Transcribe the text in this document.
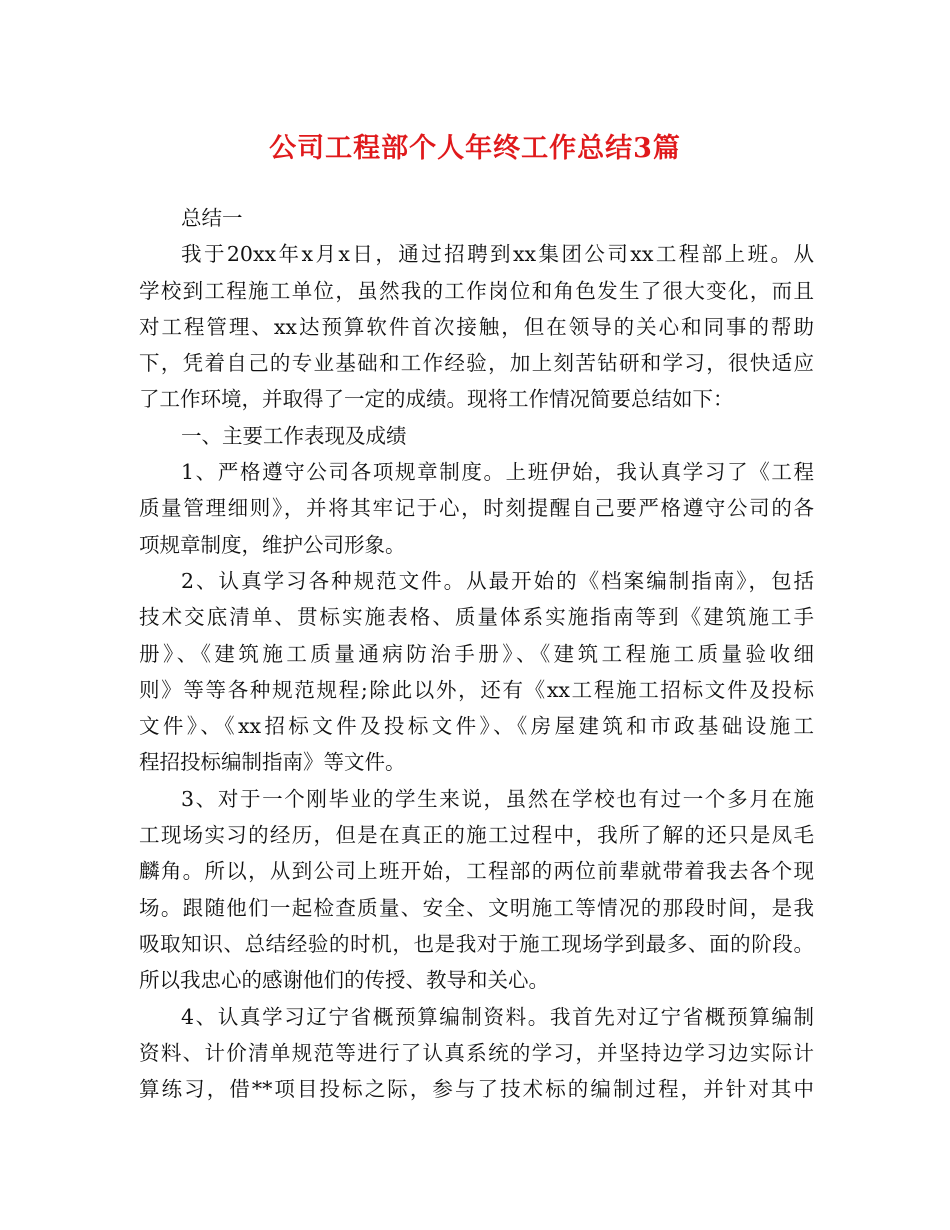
公司工程部个人年终工作总结3篇
总结一
我于20xx年x月x日，通过招聘到xx集团公司xx工程部上班。从
学校到工程施工单位，虽然我的工作岗位和角色发生了很大变化，而且
对工程管理、xx达预算软件首次接触，但在领导的关心和同事的帮助
下，凭着自己的专业基础和工作经验，加上刻苦钻研和学习，很快适应
了工作环境，并取得了一定的成绩。现将工作情况简要总结如下：
一、主要工作表现及成绩
1、严格遵守公司各项规章制度。上班伊始，我认真学习了《工程
质量管理细则》，并将其牢记于心，时刻提醒自己要严格遵守公司的各
项规章制度，维护公司形象。
2、认真学习各种规范文件。从最开始的《档案编制指南》，包括
技术交底清单、贯标实施表格、质量体系实施指南等到《建筑施工手
册》、《建筑施工质量通病防治手册》、《建筑工程施工质量验收细
则》等等各种规范规程;除此以外，还有《xx工程施工招标文件及投标
文件》、《xx招标文件及投标文件》、《房屋建筑和市政基础设施工
程招投标编制指南》等文件。
3、对于一个刚毕业的学生来说，虽然在学校也有过一个多月在施
工现场实习的经历，但是在真正的施工过程中，我所了解的还只是凤毛
麟角。所以，从到公司上班开始，工程部的两位前辈就带着我去各个现
场。跟随他们一起检查质量、安全、文明施工等情况的那段时间，是我
吸取知识、总结经验的时机，也是我对于施工现场学到最多、面的阶段。
所以我忠心的感谢他们的传授、教导和关心。
4、认真学习辽宁省概预算编制资料。我首先对辽宁省概预算编制
资料、计价清单规范等进行了认真系统的学习，并坚持边学习边实际计
算练习，借**项目投标之际，参与了技术标的编制过程，并针对其中
